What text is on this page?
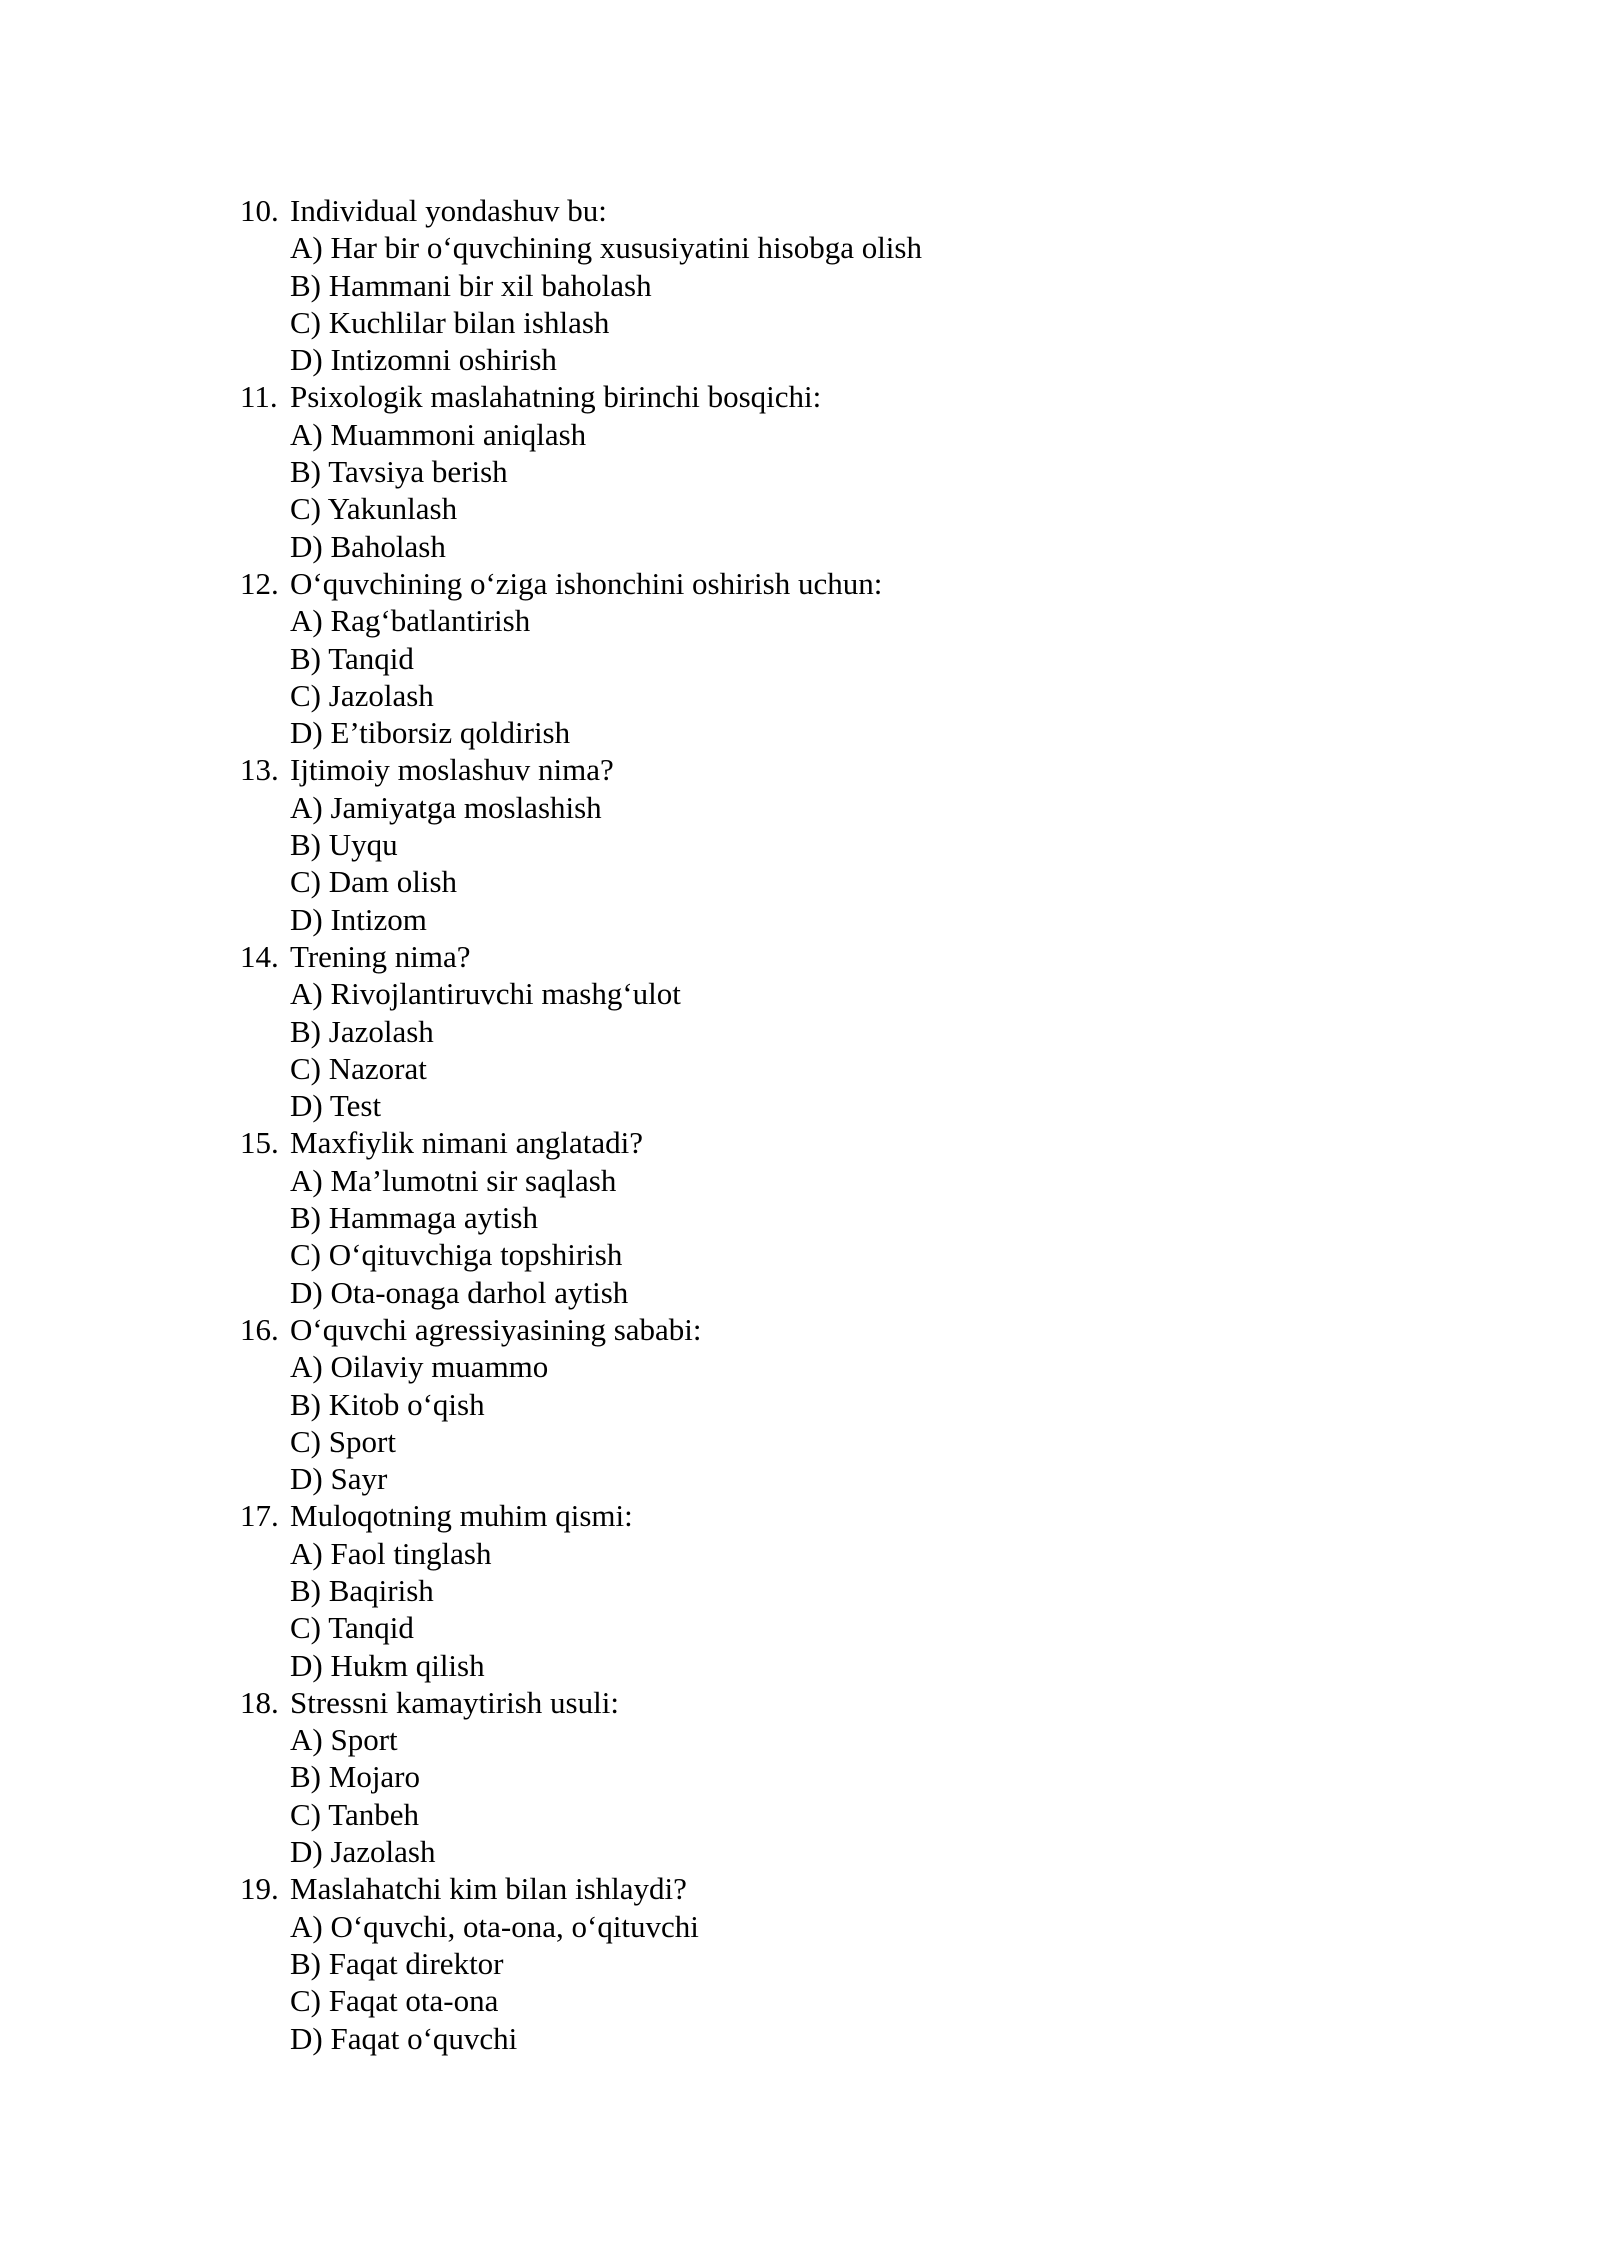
10. Individual yondashuv bu:
A) Har bir o‘quvchining xususiyatini hisobga olish
B) Hammani bir xil baholash
C) Kuchlilar bilan ishlash
D) Intizomni oshirish
11. Psixologik maslahatning birinchi bosqichi:
A) Muammoni aniqlash
B) Tavsiya berish
C) Yakunlash
D) Baholash
12. O‘quvchining o‘ziga ishonchini oshirish uchun:
A) Rag‘batlantirish
B) Tanqid
C) Jazolash
D) E’tiborsiz qoldirish
13. Ijtimoiy moslashuv nima?
A) Jamiyatga moslashish
B) Uyqu
C) Dam olish
D) Intizom
14. Trening nima?
A) Rivojlantiruvchi mashg‘ulot
B) Jazolash
C) Nazorat
D) Test
15. Maxfiylik nimani anglatadi?
A) Ma’lumotni sir saqlash
B) Hammaga aytish
C) O‘qituvchiga topshirish
D) Ota-onaga darhol aytish
16. O‘quvchi agressiyasining sababi:
A) Oilaviy muammo
B) Kitob o‘qish
C) Sport
D) Sayr
17. Muloqotning muhim qismi:
A) Faol tinglash
B) Baqirish
C) Tanqid
D) Hukm qilish
18. Stressni kamaytirish usuli:
A) Sport
B) Mojaro
C) Tanbeh
D) Jazolash
19. Maslahatchi kim bilan ishlaydi?
A) O‘quvchi, ota-ona, o‘qituvchi
B) Faqat direktor
C) Faqat ota-ona
D) Faqat o‘quvchi
